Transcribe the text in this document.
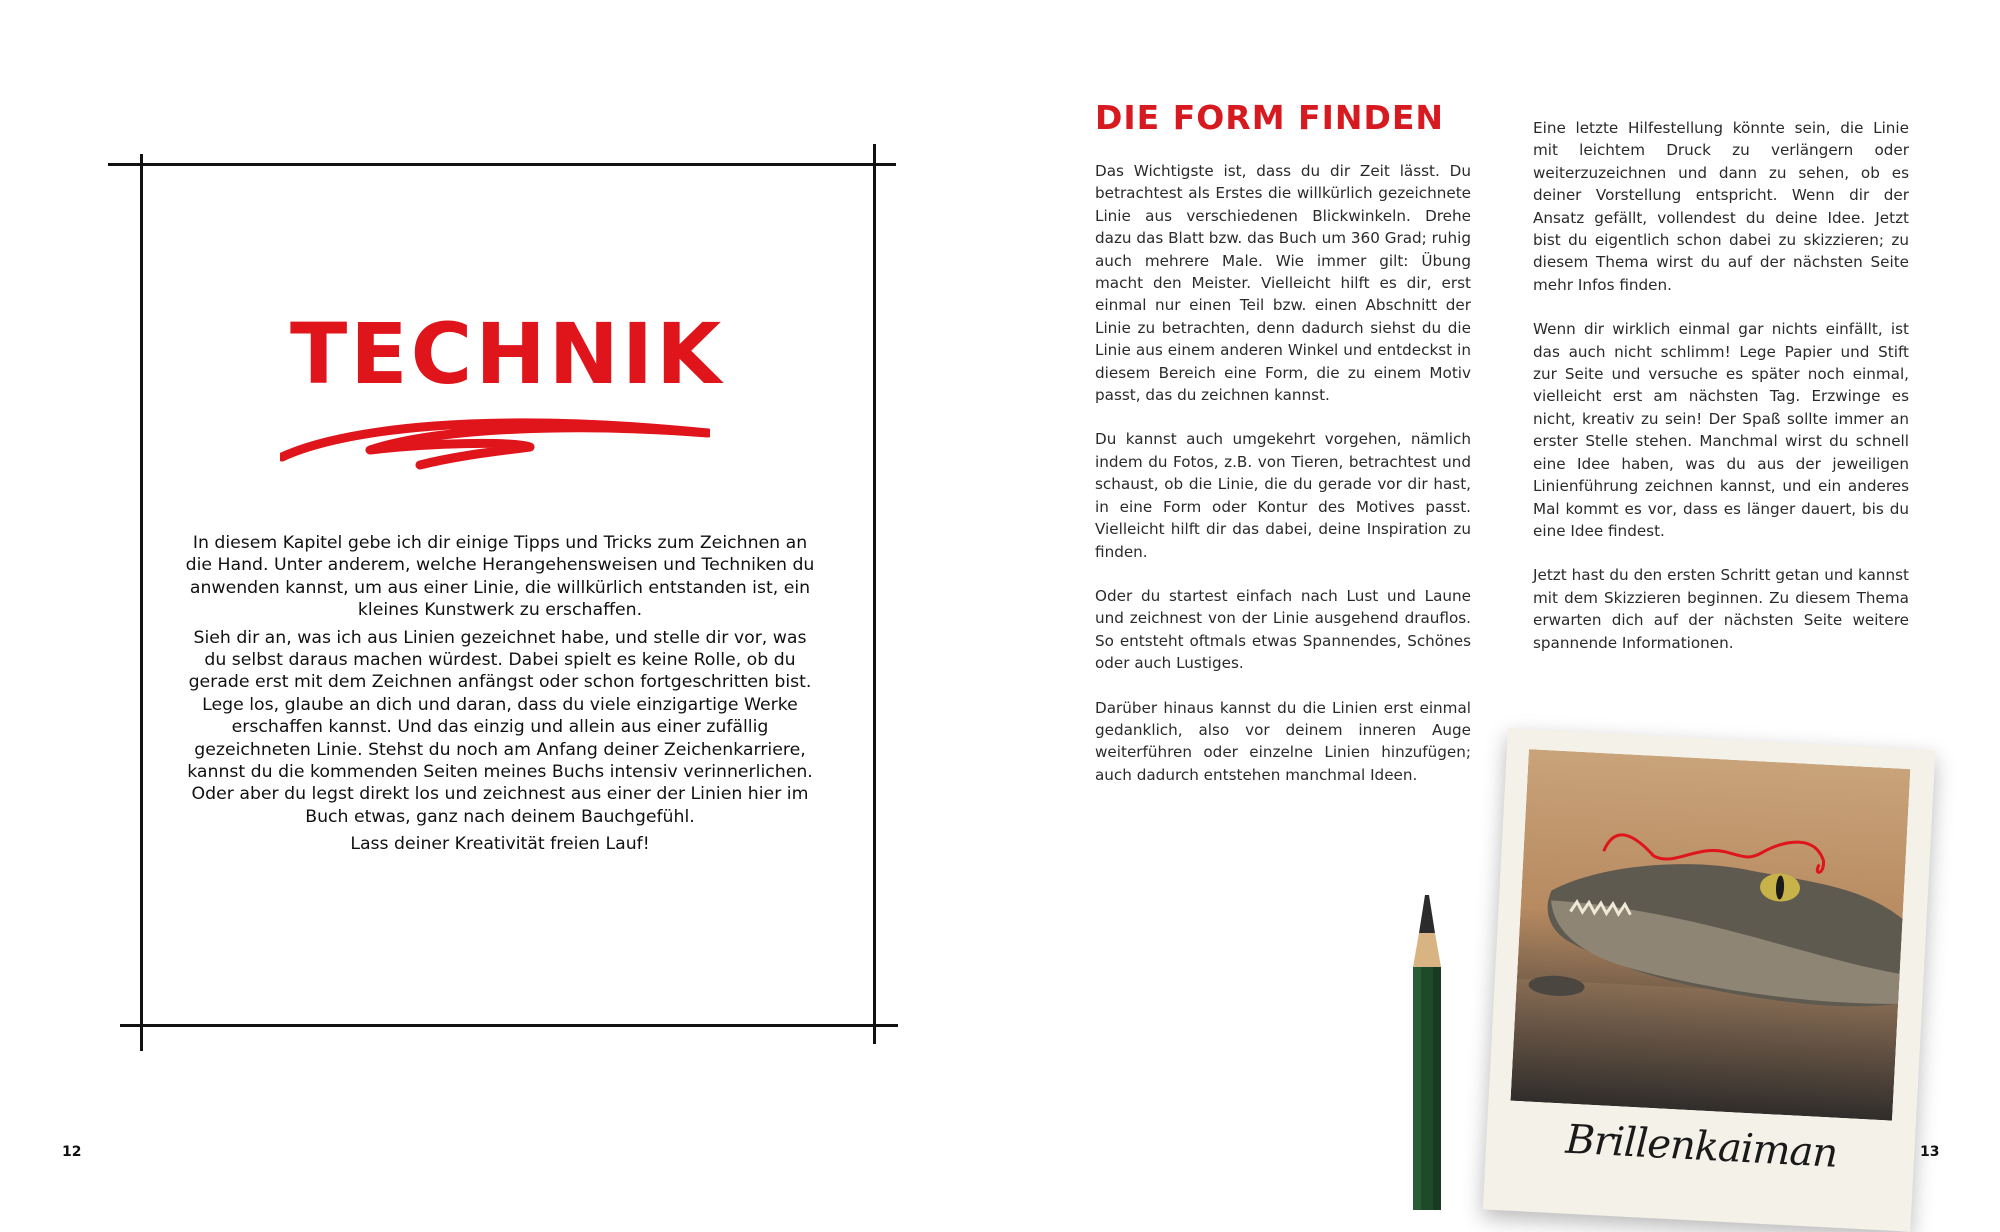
TECHNIK

In diesem Kapitel gebe ich dir einige Tipps und Tricks zum Zeichnen an die Hand. Unter anderem, welche Herangehensweisen und Techniken du anwenden kannst, um aus einer Linie, die willkürlich entstanden ist, ein kleines Kunstwerk zu erschaffen.

Sieh dir an, was ich aus Linien gezeichnet habe, und stelle dir vor, was du selbst daraus machen würdest. Dabei spielt es keine Rolle, ob du gerade erst mit dem Zeichnen anfängst oder schon fortgeschritten bist. Lege los, glaube an dich und daran, dass du viele einzigartige Werke erschaffen kannst. Und das einzig und allein aus einer zufällig gezeichneten Linie. Stehst du noch am Anfang deiner Zeichenkarriere, kannst du die kommenden Seiten meines Buchs intensiv verinnerlichen. Oder aber du legst direkt los und zeichnest aus einer der Linien hier im Buch etwas, ganz nach deinem Bauchgefühl.

Lass deiner Kreativität freien Lauf!

12
DIE FORM FINDEN

Das Wichtigste ist, dass du dir Zeit lässt. Du betrachtest als Erstes die willkürlich gezeichnete Linie aus verschiedenen Blickwinkeln. Drehe dazu das Blatt bzw. das Buch um 360 Grad; ruhig auch mehrere Male. Wie immer gilt: Übung macht den Meister. Vielleicht hilft es dir, erst einmal nur einen Teil bzw. einen Abschnitt der Linie zu betrachten, denn dadurch siehst du die Linie aus einem anderen Winkel und entdeckst in diesem Bereich eine Form, die zu einem Motiv passt, das du zeichnen kannst.

Du kannst auch umgekehrt vorgehen, nämlich indem du Fotos, z.B. von Tieren, betrachtest und schaust, ob die Linie, die du gerade vor dir hast, in eine Form oder Kontur des Motives passt. Vielleicht hilft dir das dabei, deine Inspiration zu finden.

Oder du startest einfach nach Lust und Laune und zeichnest von der Linie ausgehend drauflos. So entsteht oftmals etwas Spannendes, Schönes oder auch Lustiges.

Darüber hinaus kannst du die Linien erst einmal gedanklich, also vor deinem inneren Auge weiterführen oder einzelne Linien hinzufügen; auch dadurch entstehen manchmal Ideen.

Eine letzte Hilfestellung könnte sein, die Linie mit leichtem Druck zu verlängern oder weiterzuzeichnen und dann zu sehen, ob es deiner Vorstellung entspricht. Wenn dir der Ansatz gefällt, vollendest du deine Idee. Jetzt bist du eigentlich schon dabei zu skizzieren; zu diesem Thema wirst du auf der nächsten Seite mehr Infos finden.

Wenn dir wirklich einmal gar nichts einfällt, ist das auch nicht schlimm! Lege Papier und Stift zur Seite und versuche es später noch einmal, vielleicht erst am nächsten Tag. Erzwinge es nicht, kreativ zu sein! Der Spaß sollte immer an erster Stelle stehen. Manchmal wirst du schnell eine Idee haben, was du aus der jeweiligen Linienführung zeichnen kannst, und ein anderes Mal kommt es vor, dass es länger dauert, bis du eine Idee findest.

Jetzt hast du den ersten Schritt getan und kannst mit dem Skizzieren beginnen. Zu diesem Thema erwarten dich auf der nächsten Seite weitere spannende Informationen.

Brillenkaiman	13
